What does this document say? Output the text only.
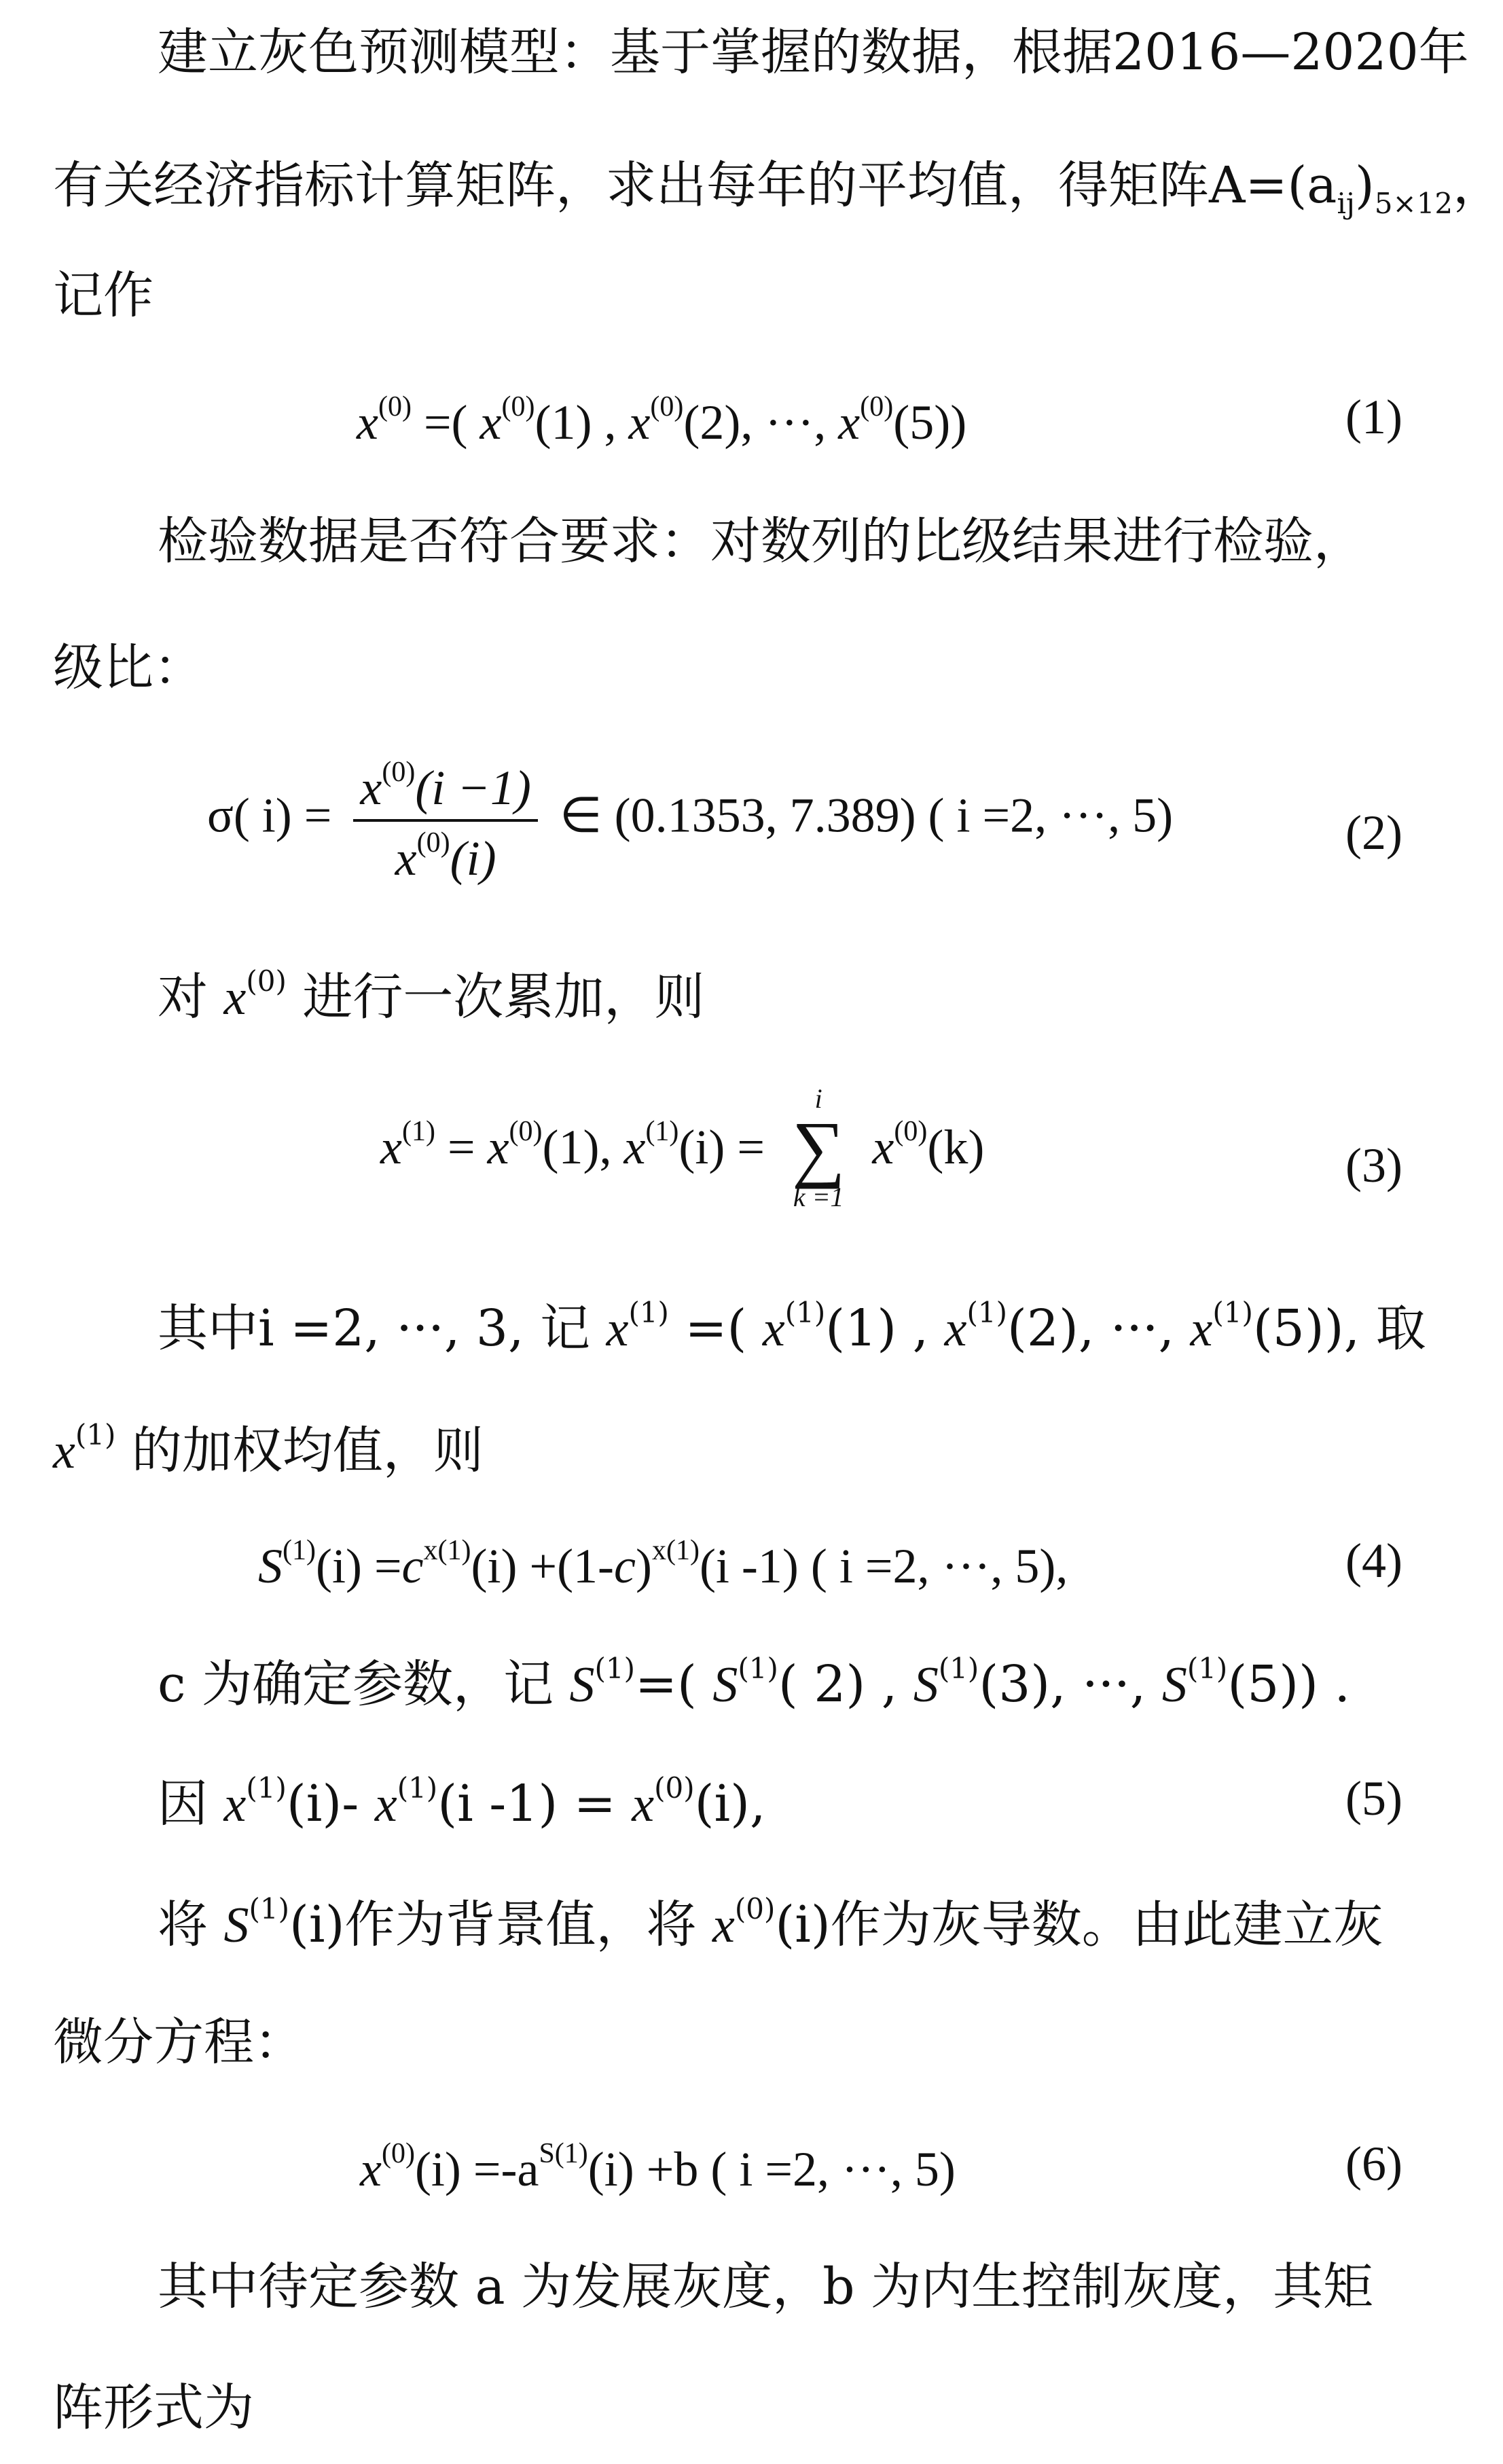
建立灰色预测模型：基于掌握的数据，根据2016—2020年
有关经济指标计算矩阵，求出每年的平均值，得矩阵$A=(a_{ij})_{5\times 12}$，
记作
$x^{(0)}$ =( $x^{(0)}(1)$ , $x^{(0)}(2)$, ···, $x^{(0)}(5)$)	(1)
检验数据是否符合要求：对数列的比级结果进行检验，
级比：
σ( $i) = \frac{x^{(0)}(i -1)}{x^{(0)}(i)}$ ∈ (0.1353, 7.389) ( i =2, ···, 5)	(2)
对 $x^{(0)}$ 进行一次累加，则
$x^{(1)} = x^{(0)}(1)$, $x^{(1)}(i)$ =
i
∑
k =1
$x^{(0)}(k)$	(3)
其中i =2, ···, 3, 记 $x^{(1)}$ =( $x^{(1)}(1)$ , $x^{(1)}(2)$, ···, $x^{(1)}(5)$), 取
$x^{(1)}$ 的加权均值，则
$S^{(1)}(i) =c^{x(1)}(i) +(1-c)^{x(1)}(i$ -1) ( i =2, ···, 5),	(4)
c 为确定参数，记 $S^{(1)}=$( $S^{(1)}$( 2) , $S^{(1)}(3)$, ···, $S^{(1)}(5)$) .
因 $x^{(1)}(i)-$ $x^{(1)}(i$ $-1) = x^{(0)}(i)$,	(5)
将 $S^{(1)}(i)$作为背景值，将 $x^{(0)}(i)$作为灰导数。由此建立灰
微分方程：
$x^{(0)}(i) =-a^{S(1)}(i) +b$ ( i =2, ···, 5)	(6)
其中待定参数 a 为发展灰度，b 为内生控制灰度，其矩
阵形式为
